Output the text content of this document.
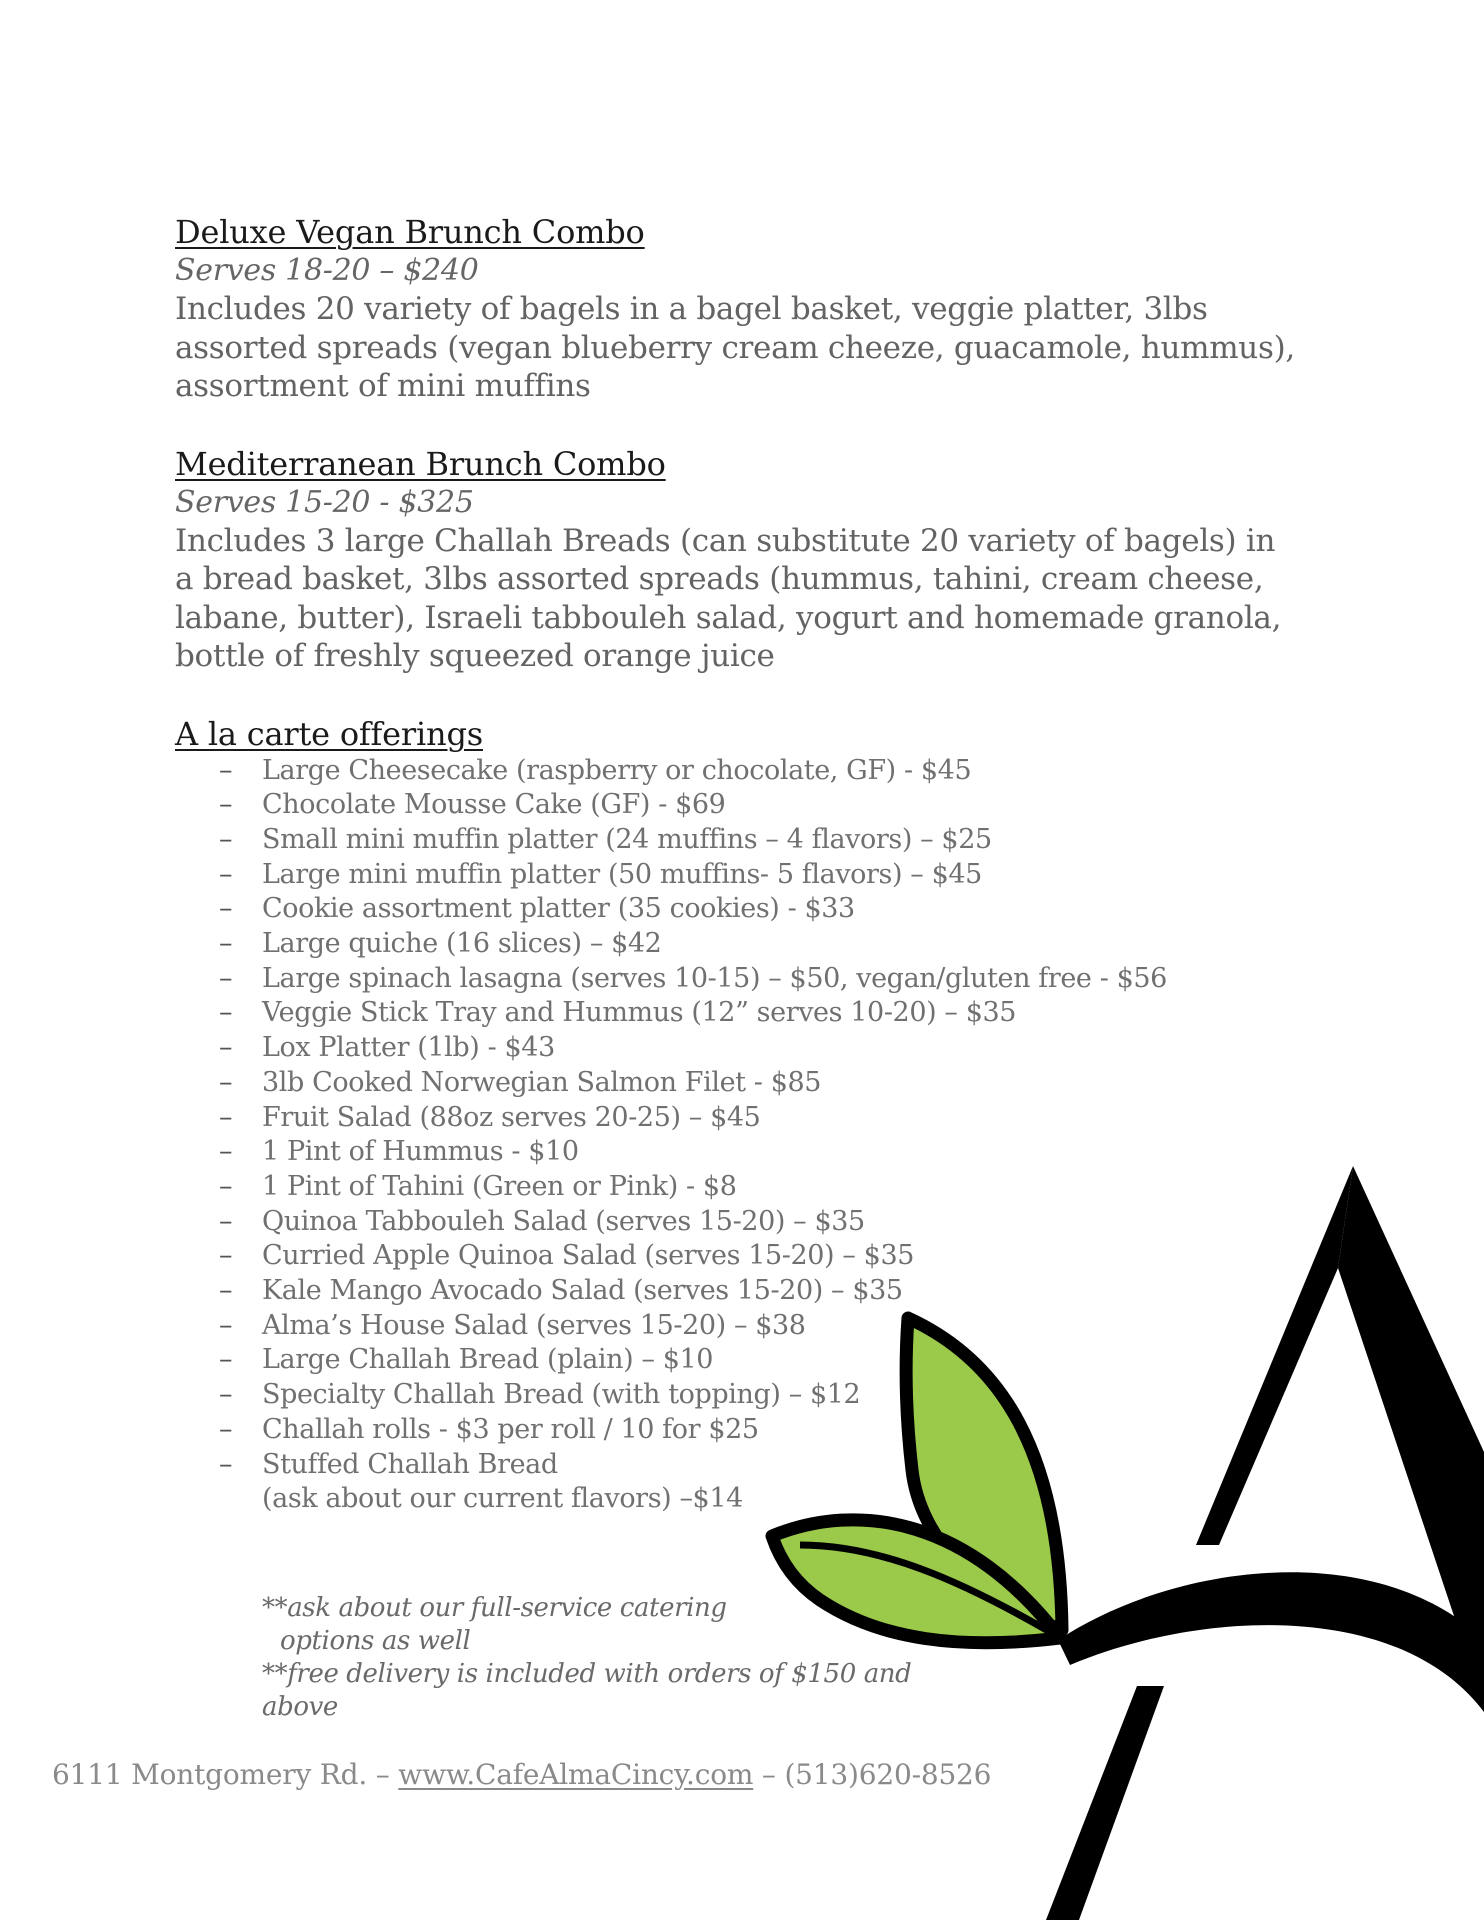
Deluxe Vegan Brunch Combo
Serves 18-20 – $240
Includes 20 variety of bagels in a bagel basket, veggie platter, 3lbs assorted spreads (vegan blueberry cream cheeze, guacamole, hummus), assortment of mini muffins
Mediterranean Brunch Combo
Serves 15-20 - $325
Includes 3 large Challah Breads (can substitute 20 variety of bagels) in a bread basket, 3lbs assorted spreads (hummus, tahini, cream cheese, labane, butter), Israeli tabbouleh salad, yogurt and homemade granola, bottle of freshly squeezed orange juice
A la carte offerings
– Large Cheesecake (raspberry or chocolate, GF) - $45
– Chocolate Mousse Cake (GF) - $69
– Small mini muffin platter (24 muffins – 4 flavors) – $25
– Large mini muffin platter (50 muffins- 5 flavors) – $45
– Cookie assortment platter (35 cookies) - $33
– Large quiche (16 slices) – $42
– Large spinach lasagna (serves 10-15) – $50, vegan/gluten free - $56
– Veggie Stick Tray and Hummus (12” serves 10-20) – $35
– Lox Platter (1lb) - $43
– 3lb Cooked Norwegian Salmon Filet - $85
– Fruit Salad (88oz serves 20-25) – $45
– 1 Pint of Hummus - $10
– 1 Pint of Tahini (Green or Pink) - $8
– Quinoa Tabbouleh Salad (serves 15-20) – $35
– Curried Apple Quinoa Salad (serves 15-20) – $35
– Kale Mango Avocado Salad (serves 15-20) – $35
– Alma’s House Salad (serves 15-20) – $38
– Large Challah Bread (plain) – $10
– Specialty Challah Bread (with topping) – $12
– Challah rolls - $3 per roll / 10 for $25
– Stuffed Challah Bread
(ask about our current flavors) –$14
**ask about our full-service catering
options as well
**free delivery is included with orders of $150 and above
6111 Montgomery Rd. – www.CafeAlmaCincy.com – (513)620-8526
